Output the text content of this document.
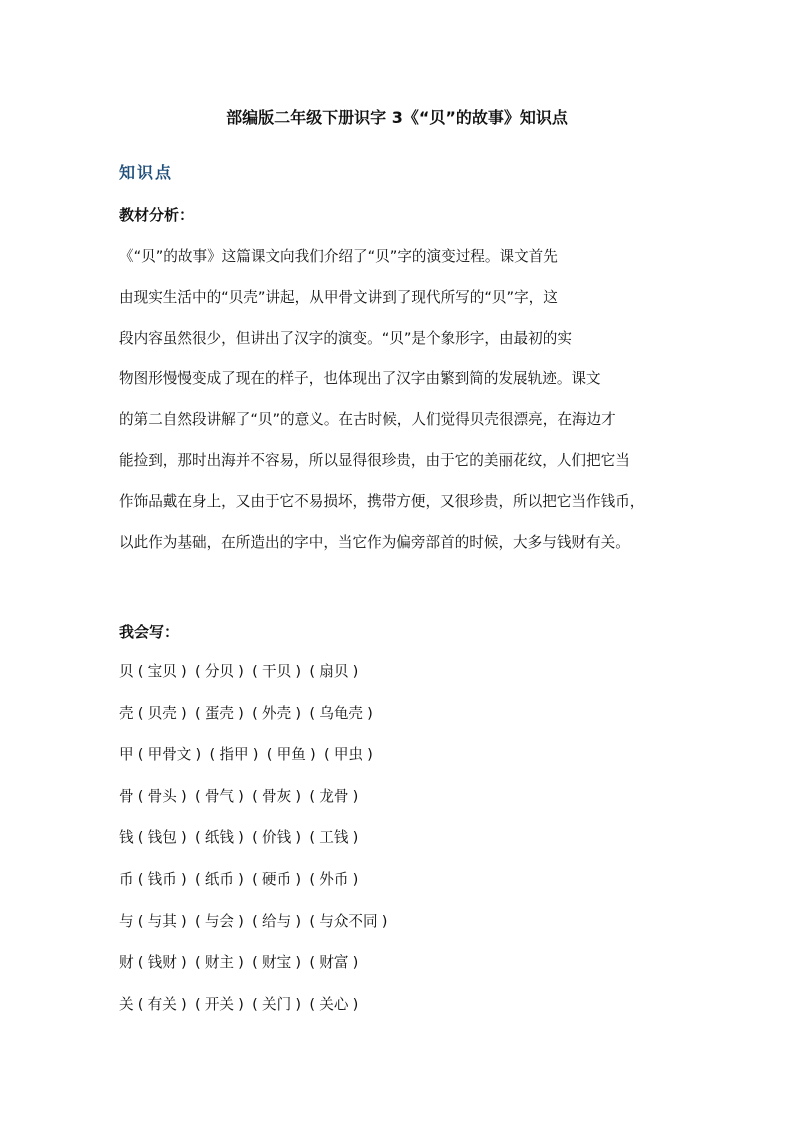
部编版二年级下册识字 3《“贝”的故事》知识点
知识点
教材分析：
《“贝”的故事》这篇课文向我们介绍了“贝”字的演变过程。课文首先
由现实生活中的“贝壳”讲起，从甲骨文讲到了现代所写的“贝”字，这
段内容虽然很少，但讲出了汉字的演变。“贝”是个象形字，由最初的实
物图形慢慢变成了现在的样子，也体现出了汉字由繁到简的发展轨迹。课文
的第二自然段讲解了“贝”的意义。在古时候，人们觉得贝壳很漂亮，在海边才
能捡到，那时出海并不容易，所以显得很珍贵，由于它的美丽花纹，人们把它当
作饰品戴在身上，又由于它不易损坏，携带方便，又很珍贵，所以把它当作钱币，
以此作为基础，在所造出的字中，当它作为偏旁部首的时候，大多与钱财有关。
我会写：
贝 ( 宝贝 ) ( 分贝 ) ( 干贝 ) ( 扇贝 )
壳 ( 贝壳 ) ( 蛋壳 ) ( 外壳 ) ( 乌龟壳 )
甲 ( 甲骨文 ) ( 指甲 ) ( 甲鱼 ) ( 甲虫 )
骨 ( 骨头 ) ( 骨气 ) ( 骨灰 ) ( 龙骨 )
钱 ( 钱包 ) ( 纸钱 ) ( 价钱 ) ( 工钱 )
币 ( 钱币 ) ( 纸币 ) ( 硬币 ) ( 外币 )
与 ( 与其 ) ( 与会 ) ( 给与 ) ( 与众不同 )
财 ( 钱财 ) ( 财主 ) ( 财宝 ) ( 财富 )
关 ( 有关 ) ( 开关 ) ( 关门 ) ( 关心 )
